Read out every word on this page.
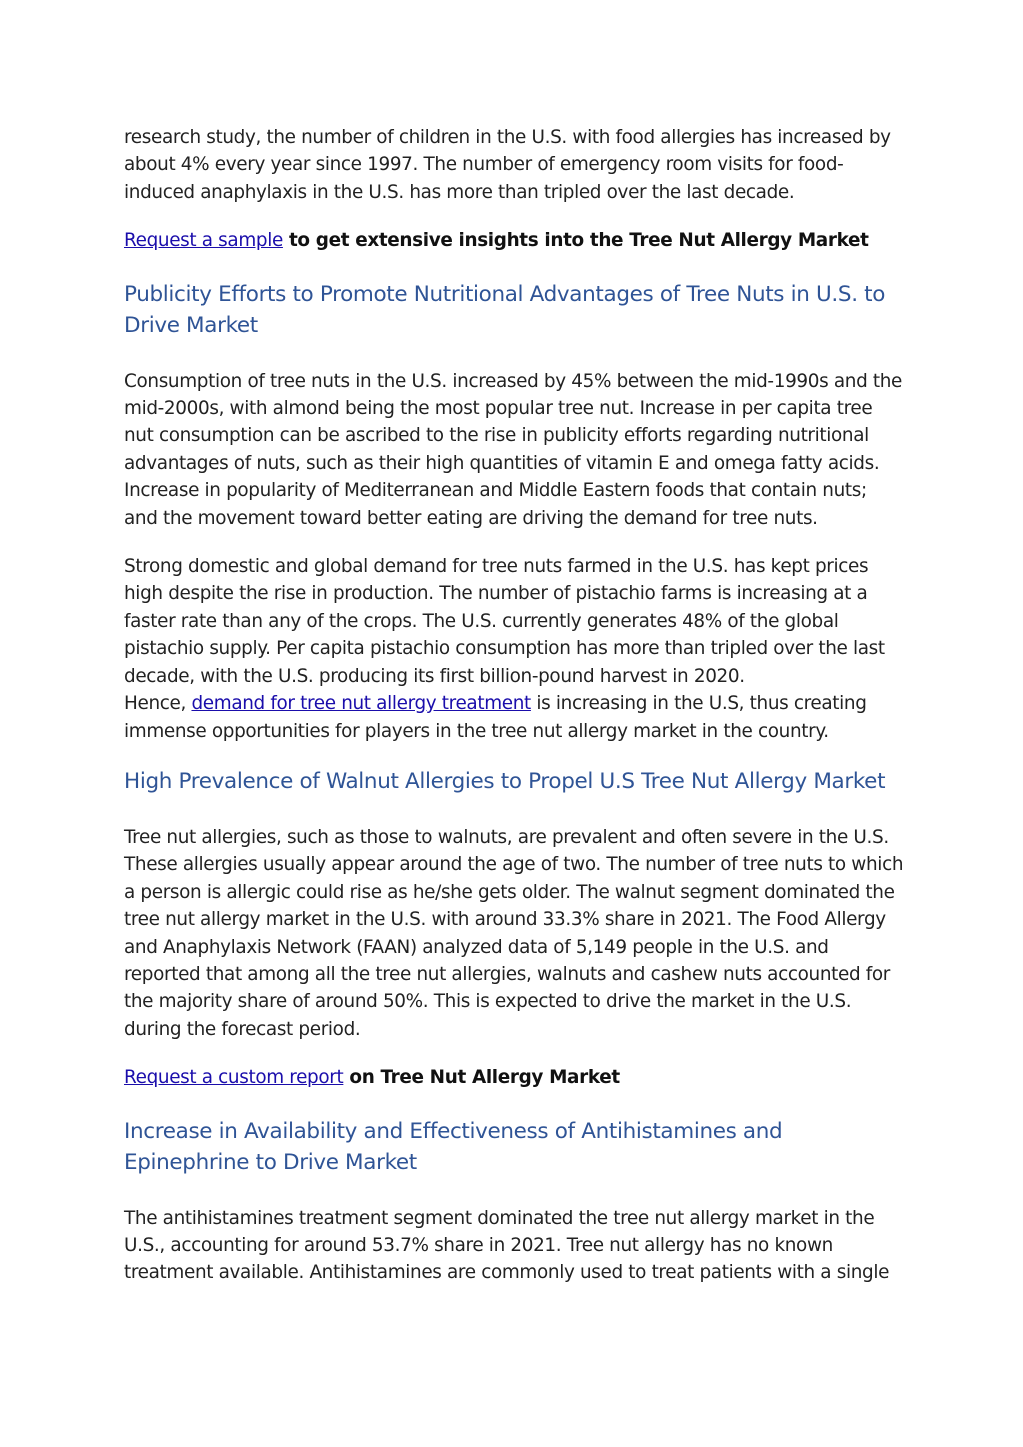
research study, the number of children in the U.S. with food allergies has increased by about 4% every year since 1997. The number of emergency room visits for food-induced anaphylaxis in the U.S. has more than tripled over the last decade.

Request a sample to get extensive insights into the Tree Nut Allergy Market

Publicity Efforts to Promote Nutritional Advantages of Tree Nuts in U.S. to Drive Market

Consumption of tree nuts in the U.S. increased by 45% between the mid-1990s and the mid-2000s, with almond being the most popular tree nut. Increase in per capita tree nut consumption can be ascribed to the rise in publicity efforts regarding nutritional advantages of nuts, such as their high quantities of vitamin E and omega fatty acids. Increase in popularity of Mediterranean and Middle Eastern foods that contain nuts; and the movement toward better eating are driving the demand for tree nuts.

Strong domestic and global demand for tree nuts farmed in the U.S. has kept prices high despite the rise in production. The number of pistachio farms is increasing at a faster rate than any of the crops. The U.S. currently generates 48% of the global pistachio supply. Per capita pistachio consumption has more than tripled over the last decade, with the U.S. producing its first billion-pound harvest in 2020.
Hence, demand for tree nut allergy treatment is increasing in the U.S, thus creating immense opportunities for players in the tree nut allergy market in the country.

High Prevalence of Walnut Allergies to Propel U.S Tree Nut Allergy Market

Tree nut allergies, such as those to walnuts, are prevalent and often severe in the U.S. These allergies usually appear around the age of two. The number of tree nuts to which a person is allergic could rise as he/she gets older. The walnut segment dominated the tree nut allergy market in the U.S. with around 33.3% share in 2021. The Food Allergy and Anaphylaxis Network (FAAN) analyzed data of 5,149 people in the U.S. and reported that among all the tree nut allergies, walnuts and cashew nuts accounted for the majority share of around 50%. This is expected to drive the market in the U.S. during the forecast period.

Request a custom report on Tree Nut Allergy Market

Increase in Availability and Effectiveness of Antihistamines and Epinephrine to Drive Market

The antihistamines treatment segment dominated the tree nut allergy market in the U.S., accounting for around 53.7% share in 2021. Tree nut allergy has no known treatment available. Antihistamines are commonly used to treat patients with a single
